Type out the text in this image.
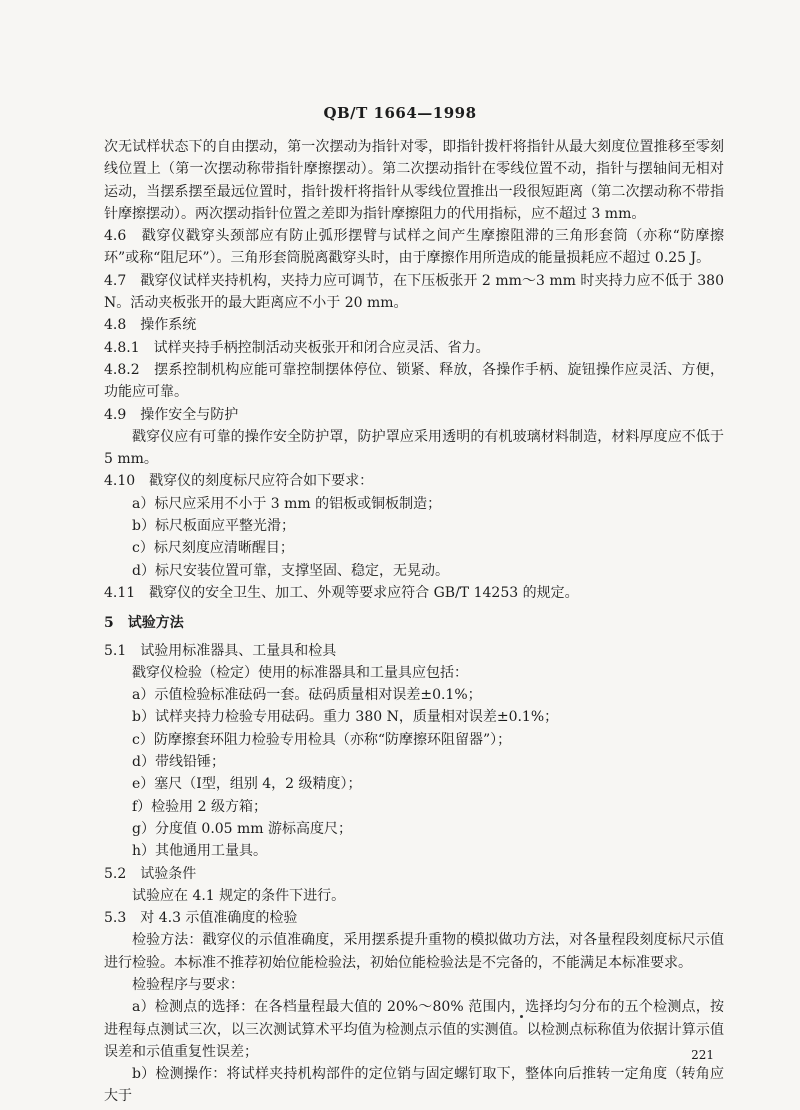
QB/T 1664—1998

次无试样状态下的自由摆动，第一次摆动为指针对零，即指针拨杆将指针从最大刻度位置推移至零刻线位置上（第一次摆动称带指针摩擦摆动）。第二次摆动指针在零线位置不动，指针与摆轴间无相对运动，当摆系摆至最远位置时，指针拨杆将指针从零线位置推出一段很短距离（第二次摆动称不带指针摩擦摆动）。两次摆动指针位置之差即为指针摩擦阻力的代用指标，应不超过 3 mm。

4.6　戳穿仪戳穿头颈部应有防止弧形摆臂与试样之间产生摩擦阻滞的三角形套筒（亦称“防摩擦环”或称“阻尼环”）。三角形套筒脱离戳穿头时，由于摩擦作用所造成的能量损耗应不超过 0.25 J。

4.7　戳穿仪试样夹持机构，夹持力应可调节，在下压板张开 2 mm～3 mm 时夹持力应不低于 380 N。活动夹板张开的最大距离应不小于 20 mm。

4.8　操作系统

4.8.1　试样夹持手柄控制活动夹板张开和闭合应灵活、省力。

4.8.2　摆系控制机构应能可靠控制摆体停位、锁紧、释放，各操作手柄、旋钮操作应灵活、方便，功能应可靠。

4.9　操作安全与防护

戳穿仪应有可靠的操作安全防护罩，防护罩应采用透明的有机玻璃材料制造，材料厚度应不低于 5 mm。

4.10　戳穿仪的刻度标尺应符合如下要求：

a）标尺应采用不小于 3 mm 的铝板或铜板制造；

b）标尺板面应平整光滑；

c）标尺刻度应清晰醒目；

d）标尺安装位置可靠，支撑坚固、稳定，无晃动。

4.11　戳穿仪的安全卫生、加工、外观等要求应符合 GB/T 14253 的规定。

5　试验方法

5.1　试验用标准器具、工量具和检具

戳穿仪检验（检定）使用的标准器具和工量具应包括：

a）示值检验标准砝码一套。砝码质量相对误差±0.1%；

b）试样夹持力检验专用砝码。重力 380 N，质量相对误差±0.1%；

c）防摩擦套环阻力检验专用检具（亦称“防摩擦环阻留器”）；

d）带线铅锤；

e）塞尺（Ⅰ型，组别 4，2 级精度）；

f）检验用 2 级方箱；

g）分度值 0.05 mm 游标高度尺；

h）其他通用工量具。

5.2　试验条件

试验应在 4.1 规定的条件下进行。

5.3　对 4.3 示值准确度的检验

检验方法：戳穿仪的示值准确度，采用摆系提升重物的模拟做功方法，对各量程段刻度标尺示值进行检验。本标准不推荐初始位能检验法，初始位能检验法是不完备的，不能满足本标准要求。

检验程序与要求：

a）检测点的选择：在各档量程最大值的 20%～80% 范围内，选择均匀分布的五个检测点，按进程每点测试三次，以三次测试算术平均值为检测点示值的实测值。以检测点标称值为依据计算示值误差和示值重复性误差；

b）检测操作：将试样夹持机构部件的定位销与固定螺钉取下，整体向后推转一定角度（转角应大于

221
